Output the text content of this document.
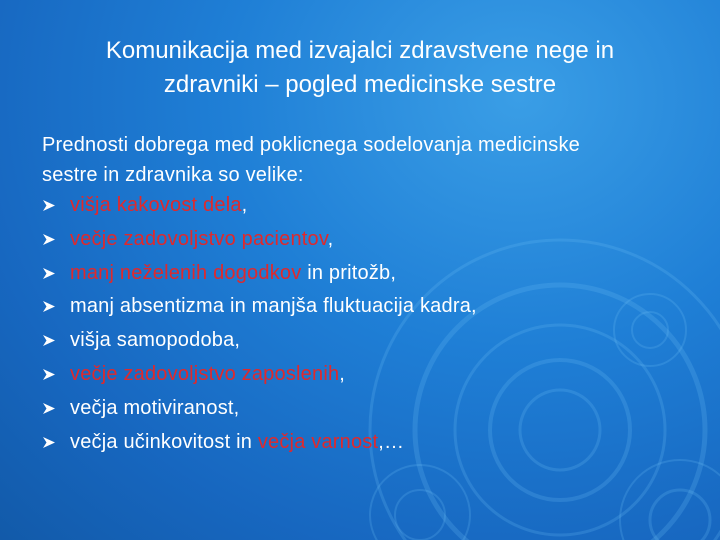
Komunikacija med izvajalci zdravstvene nege in
zdravniki – pogled medicinske sestre
Prednosti dobrega med poklicnega sodelovanja medicinske
sestre in zdravnika so velike:
višja kakovost dela,
večje zadovoljstvo pacientov,
manj neželenih dogodkov in pritožb,
manj absentizma in manjša fluktuacija kadra,
višja samopodoba,
večje zadovoljstvo zaposlenih,
večja motiviranost,
večja učinkovitost in večja varnost,…
